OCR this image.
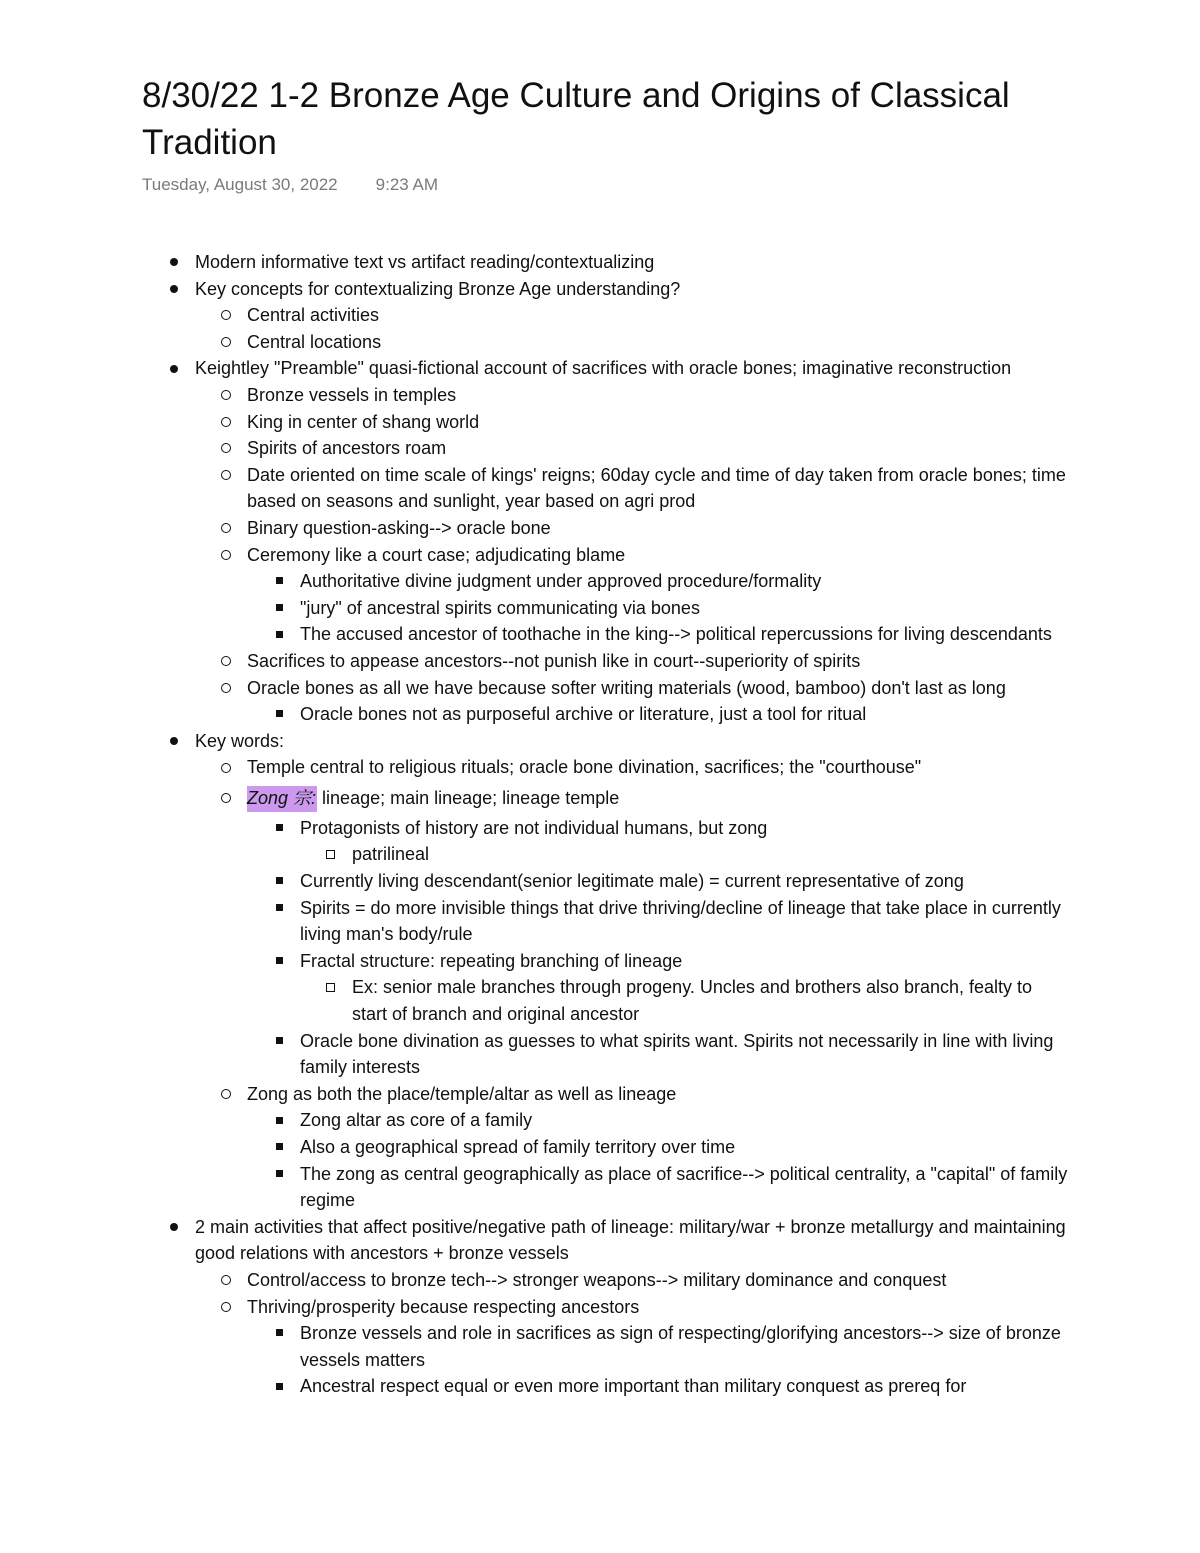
8/30/22 1-2 Bronze Age Culture and Origins of Classical Tradition
Tuesday, August 30, 2022 9:23 AM
Modern informative text vs artifact reading/contextualizing
Key concepts for contextualizing Bronze Age understanding?
Central activities
Central locations
Keightley "Preamble" quasi-fictional account of sacrifices with oracle bones; imaginative reconstruction
Bronze vessels in temples
King in center of shang world
Spirits of ancestors roam
Date oriented on time scale of kings' reigns; 60day cycle and time of day taken from oracle bones; time based on seasons and sunlight, year based on agri prod
Binary question-asking--> oracle bone
Ceremony like a court case; adjudicating blame
Authoritative divine judgment under approved procedure/formality
"jury" of ancestral spirits communicating via bones
The accused ancestor of toothache in the king--> political repercussions for living descendants
Sacrifices to appease ancestors--not punish like in court--superiority of spirits
Oracle bones as all we have because softer writing materials (wood, bamboo) don't last as long
Oracle bones not as purposeful archive or literature, just a tool for ritual
Key words:
Temple central to religious rituals; oracle bone divination, sacrifices; the "courthouse"
Zong 宗: lineage; main lineage; lineage temple
Protagonists of history are not individual humans, but zong
patrilineal
Currently living descendant(senior legitimate male) = current representative of zong
Spirits = do more invisible things that drive thriving/decline of lineage that take place in currently living man's body/rule
Fractal structure: repeating branching of lineage
Ex: senior male branches through progeny. Uncles and brothers also branch, fealty to start of branch and original ancestor
Oracle bone divination as guesses to what spirits want. Spirits not necessarily in line with living family interests
Zong as both the place/temple/altar as well as lineage
Zong altar as core of a family
Also a geographical spread of family territory over time
The zong as central geographically as place of sacrifice--> political centrality, a "capital" of family regime
2 main activities that affect positive/negative path of lineage: military/war + bronze metallurgy and maintaining good relations with ancestors + bronze vessels
Control/access to bronze tech--> stronger weapons--> military dominance and conquest
Thriving/prosperity because respecting ancestors
Bronze vessels and role in sacrifices as sign of respecting/glorifying ancestors--> size of bronze vessels matters
Ancestral respect equal or even more important than military conquest as prereq for
